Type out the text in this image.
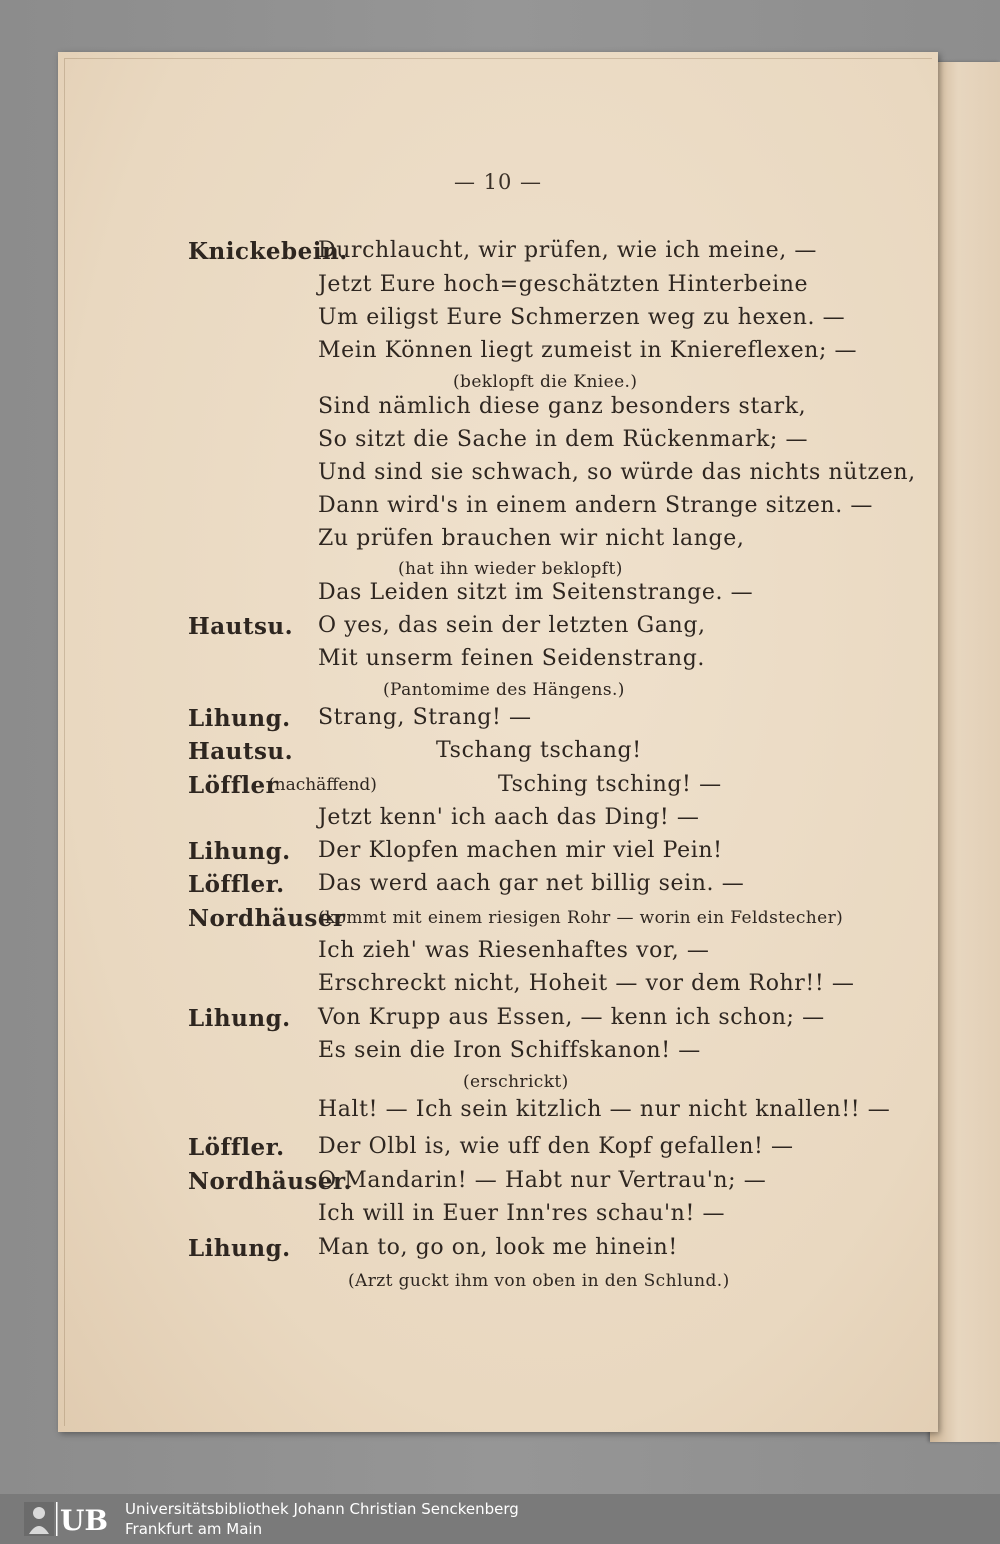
— 10 —
Knickebein.
Durchlaucht, wir prüfen, wie ich meine, —
Jetzt Eure hoch=geschätzten Hinterbeine
Um eiligst Eure Schmerzen weg zu hexen. —
Mein Können liegt zumeist in Kniereflexen; —
(beklopft die Kniee.)
Sind nämlich diese ganz besonders stark,
So sitzt die Sache in dem Rückenmark; —
Und sind sie schwach, so würde das nichts nützen,
Dann wird's in einem andern Strange sitzen. —
Zu prüfen brauchen wir nicht lange,
(hat ihn wieder beklopft)
Das Leiden sitzt im Seitenstrange. —
Hautsu. O yes, das sein der letzten Gang,
Mit unserm feinen Seidenstrang.
(Pantomime des Hängens.)
Lihung. Strang, Strang! —
Hautsu.	Tschang tschang!
Löffler
(nachäffend)	Tsching tsching! —
Jetzt kenn' ich aach das Ding! —
Lihung. Der Klopfen machen mir viel Pein!
Löffler. Das werd aach gar net billig sein. —
Nordhäuser
(kommt mit einem riesigen Rohr — worin ein Feldstecher)
Ich zieh' was Riesenhaftes vor, —
Erschreckt nicht, Hoheit — vor dem Rohr!! —
Lihung. Von Krupp aus Essen, — kenn ich schon; —
Es sein die Iron Schiffskanon! —
(erschrickt)
Halt! — Ich sein kitzlich — nur nicht knallen!! —
Löffler. Der Olbl is, wie uff den Kopf gefallen! —
Nordhäuser.
O Mandarin! — Habt nur Vertrau'n; —
Ich will in Euer Inn'res schau'n! —
Lihung. Man to, go on, look me hinein!
(Arzt guckt ihm von oben in den Schlund.)
UB Universitätsbibliothek Johann Christian Senckenberg
Frankfurt am Main
